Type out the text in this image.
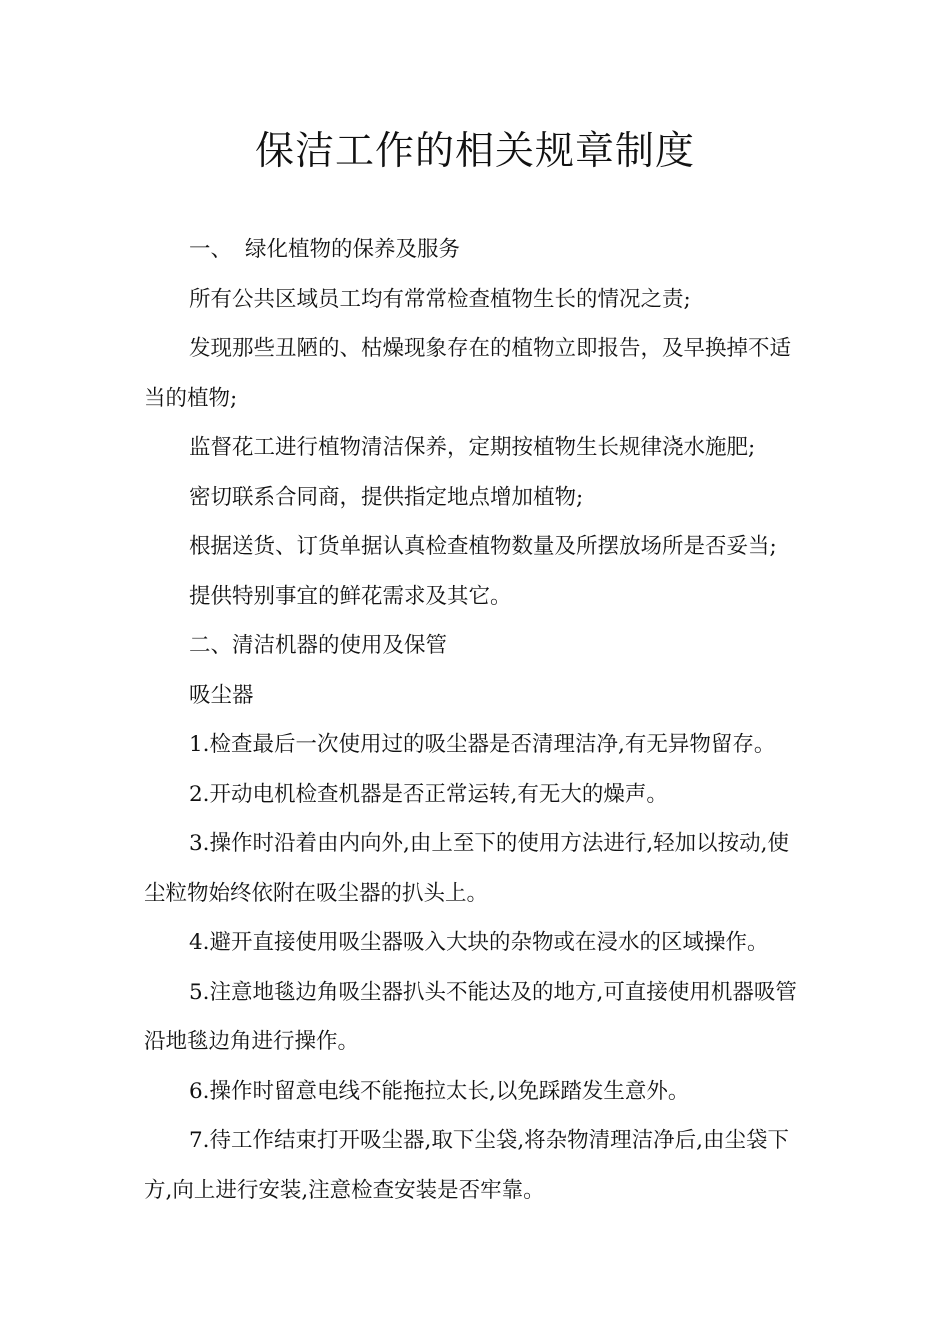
保洁工作的相关规章制度

一、 绿化植物的保养及服务

所有公共区域员工均有常常检查植物生长的情况之责;

发现那些丑陋的、枯燥现象存在的植物立即报告，及早换掉不适当的植物;

监督花工进行植物清洁保养，定期按植物生长规律浇水施肥;

密切联系合同商，提供指定地点增加植物;

根据送货、订货单据认真检查植物数量及所摆放场所是否妥当;

提供特别事宜的鲜花需求及其它。

二、清洁机器的使用及保管

吸尘器

1.检查最后一次使用过的吸尘器是否清理洁净,有无异物留存。

2.开动电机检查机器是否正常运转,有无大的燥声。

3.操作时沿着由内向外,由上至下的使用方法进行,轻加以按动,使尘粒物始终依附在吸尘器的扒头上。

4.避开直接使用吸尘器吸入大块的杂物或在浸水的区域操作。

5.注意地毯边角吸尘器扒头不能达及的地方,可直接使用机器吸管沿地毯边角进行操作。

6.操作时留意电线不能拖拉太长,以免踩踏发生意外。

7.待工作结束打开吸尘器,取下尘袋,将杂物清理洁净后,由尘袋下方,向上进行安装,注意检查安装是否牢靠。
